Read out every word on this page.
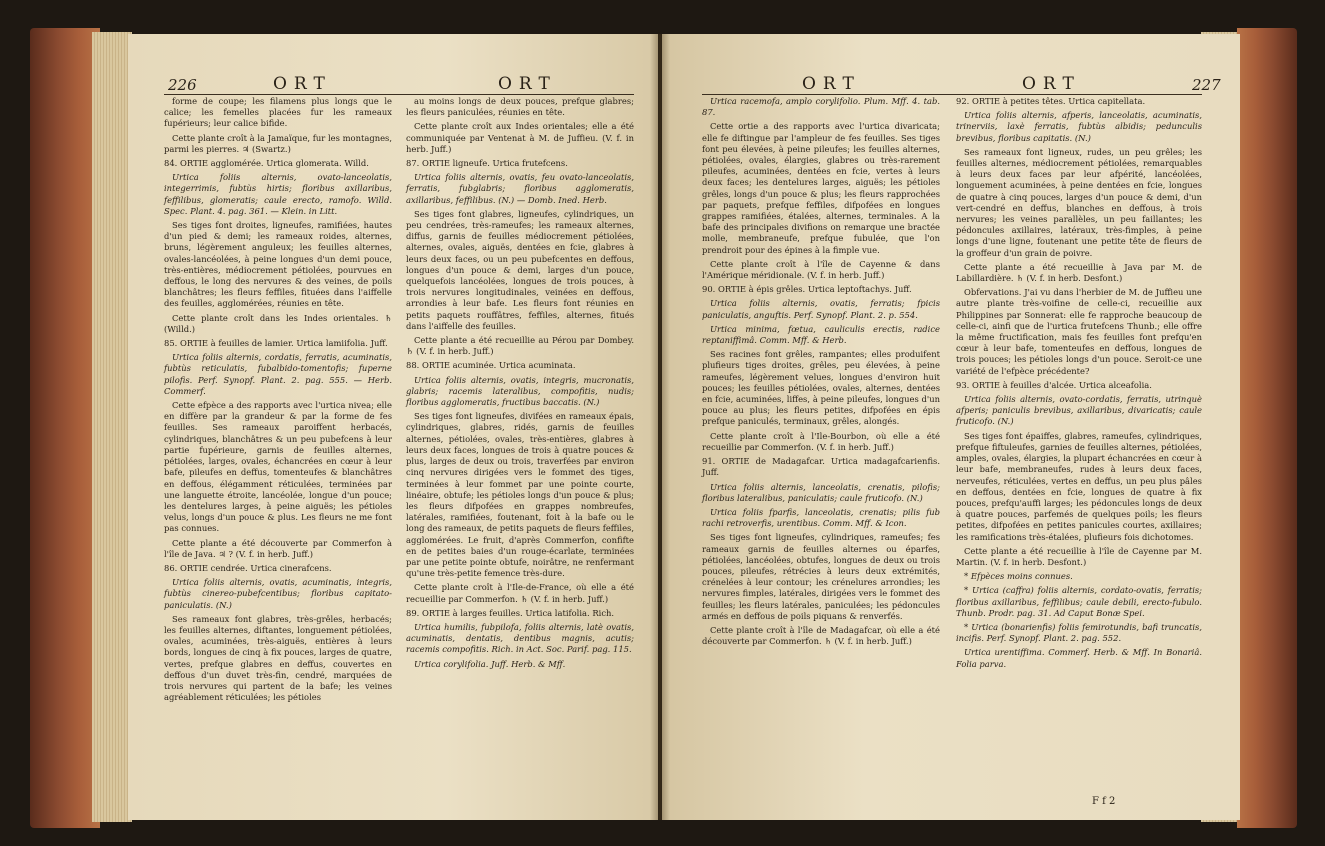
226	ORT	ORT

forme de coupe; les filamens plus longs que le calice; les femelles placées fur les rameaux fupérieurs; leur calice bifide.

Cette plante croît à la Jamaïque, fur les montagnes, parmi les pierres. ♃ (Swartz.)

84. ORTIE agglomérée. Urtica glomerata. Willd.

Urtica foliis alternis, ovato-lanceolatis, integerrimis, fubtùs hirtis; floribus axillaribus, feffilibus, glomeratis; caule erecto, ramofo. Willd. Spec. Plant. 4. pag. 361. — Klein. in Litt.

Ses tiges font droites, ligneufes, ramifiées, hautes d'un pied & demi; les rameaux roides, alternes, bruns, légèrement anguleux; les feuilles alternes, ovales-lancéolées, à peine longues d'un demi pouce, très-entières, médiocrement pétiolées, pourvues en deffous, le long des nervures & des veines, de poils blanchâtres; les fleurs feffiles, fituées dans l'aiffelle des feuilles, agglomérées, réunies en tête.

Cette plante croît dans les Indes orientales. ♄ (Willd.)

85. ORTIE à feuilles de lamier. Urtica lamiifolia. Juff.

Urtica foliis alternis, cordatis, ferratis, acuminatis, fubtùs reticulatis, fubalbido-tomentofis; fuperne pilofis. Perf. Synopf. Plant. 2. pag. 555. — Herb. Commerf.

Cette efpèce a des rapports avec l'urtica nivea; elle en diffère par la grandeur & par la forme de fes feuilles. Ses rameaux paroiffent herbacés, cylindriques, blanchâtres & un peu pubefcens à leur partie fupérieure, garnis de feuilles alternes, pétiolées, larges, ovales, échancrées en cœur à leur bafe, pileufes en deffus, tomenteufes & blanchâtres en deffous, élégamment réticulées, terminées par une languette étroite, lancéolée, longue d'un pouce; les dentelures larges, à peine aiguës; les pétioles velus, longs d'un pouce & plus. Les fleurs ne me font pas connues.

Cette plante a été découverte par Commerfon à l'île de Java. ♃ ? (V. f. in herb. Juff.)

86. ORTIE cendrée. Urtica cinerafcens.

Urtica foliis alternis, ovatis, acuminatis, integris, fubtùs cinereo-pubefcentibus; floribus capitato-paniculatis. (N.)

Ses rameaux font glabres, très-grêles, herbacés; les feuilles alternes, diftantes, longuement pétiolées, ovales, acuminées, très-aiguës, entières à leurs bords, longues de cinq à fix pouces, larges de quatre, vertes, prefque glabres en deffus, couvertes en deffous d'un duvet très-fin, cendré, marquées de trois nervures qui partent de la bafe; les veines agréablement réticulées; les pétioles

au moins longs de deux pouces, prefque glabres; les fleurs paniculées, réunies en tête.

Cette plante croît aux Indes orientales; elle a été communiquée par Ventenat à M. de Juffieu. (V. f. in herb. Juff.)

87. ORTIE ligneufe. Urtica frutefcens.

Urtica foliis alternis, ovatis, feu ovato-lanceolatis, ferratis, fubglabris; floribus agglomeratis, axillaribus, feffilibus. (N.) — Domb. Ined. Herb.

Ses tiges font glabres, ligneufes, cylindriques, un peu cendrées, très-rameufes; les rameaux alternes, diffus, garnis de feuilles médiocrement pétiolées, alternes, ovales, aiguës, dentées en fcie, glabres à leurs deux faces, ou un peu pubefcentes en deffous, longues d'un pouce & demi, larges d'un pouce, quelquefois lancéolées, longues de trois pouces, à trois nervures longitudinales, veinées en deffous, arrondies à leur bafe. Les fleurs font réunies en petits paquets rouffâtres, feffiles, alternes, fitués dans l'aiffelle des feuilles.

Cette plante a été recueillie au Pérou par Dombey. ♄ (V. f. in herb. Juff.)

88. ORTIE acuminée. Urtica acuminata.

Urtica foliis alternis, ovatis, integris, mucronatis, glabris; racemis lateralibus, compofitis, nudis; floribus agglomeratis, fructibus baccatis. (N.)

Ses tiges font ligneufes, divifées en rameaux épais, cylindriques, glabres, ridés, garnis de feuilles alternes, pétiolées, ovales, très-entières, glabres à leurs deux faces, longues de trois à quatre pouces & plus, larges de deux ou trois, traverfées par environ cinq nervures dirigées vers le fommet des tiges, terminées à leur fommet par une pointe courte, linéaire, obtufe; les pétioles longs d'un pouce & plus; les fleurs difpofées en grappes nombreufes, latérales, ramifiées, foutenant, foit à la bafe ou le long des rameaux, de petits paquets de fleurs feffiles, agglomérées. Le fruit, d'après Commerfon, confifte en de petites baies d'un rouge-écarlate, terminées par une petite pointe obtufe, noirâtre, ne renfermant qu'une très-petite femence très-dure.

Cette plante croît à l'Ile-de-France, où elle a été recueillie par Commerfon. ♄ (V. f. in herb. Juff.)

89. ORTIE à larges feuilles. Urtica latifolia. Rich.

Urtica humilis, fubpilofa, foliis alternis, latè ovatis, acuminatis, dentatis, dentibus magnis, acutis; racemis compofitis. Rich. in Act. Soc. Parif. pag. 115.

Urtica corylifolia. Juff. Herb. & Mff.

ORT	ORT	227

Urtica racemofa, amplo corylifolio. Plum. Mff. 4. tab. 87.

Cette ortie a des rapports avec l'urtica divaricata; elle fe diftingue par l'ampleur de fes feuilles. Ses tiges font peu élevées, à peine pileufes; les feuilles alternes, pétiolées, ovales, élargies, glabres ou très-rarement pileufes, acuminées, dentées en fcie, vertes à leurs deux faces; les dentelures larges, aiguës; les pétioles grêles, longs d'un pouce & plus; les fleurs rapprochées par paquets, prefque feffiles, difpofées en longues grappes ramifiées, étalées, alternes, terminales. A la bafe des principales divifions on remarque une bractée molle, membraneufe, prefque fubulée, que l'on prendroit pour des épines à la fimple vue.

Cette plante croît à l'île de Cayenne & dans l'Amérique méridionale. (V. f. in herb. Juff.)

90. ORTIE à épis grêles. Urtica leptoftachys. Juff.

Urtica foliis alternis, ovatis, ferratis; fpicis paniculatis, anguftis. Perf. Synopf. Plant. 2. p. 554.

Urtica minima, fœtua, cauliculis erectis, radice reptaniffimâ. Comm. Mff. & Herb.

Ses racines font grêles, rampantes; elles produifent plufieurs tiges droites, grêles, peu élevées, à peine rameufes, légèrement velues, longues d'environ huit pouces; les feuilles pétiolées, ovales, alternes, dentées en fcie, acuminées, liffes, à peine pileufes, longues d'un pouce au plus; les fleurs petites, difpofées en épis prefque paniculés, terminaux, grêles, alongés.

Cette plante croît à l'Ile-Bourbon, où elle a été recueillie par Commerfon. (V. f. in herb. Juff.)

91. ORTIE de Madagafcar. Urtica madagafcarienfis. Juff.

Urtica foliis alternis, lanceolatis, crenatis, pilofis; floribus lateralibus, paniculatis; caule fruticofo. (N.)

Urtica foliis fparfis, lanceolatis, crenatis; pilis fub rachi retroverfis, urentibus. Comm. Mff. & Icon.

Ses tiges font ligneufes, cylindriques, rameufes; fes rameaux garnis de feuilles alternes ou éparfes, pétiolées, lancéolées, obtufes, longues de deux ou trois pouces, pileufes, rétrécies à leurs deux extrémités, crénelées à leur contour; les crénelures arrondies; les nervures fimples, latérales, dirigées vers le fommet des feuilles; les fleurs latérales, paniculées; les pédoncules armés en deffous de poils piquans & renverfés.

Cette plante croît à l'île de Madagafcar, où elle a été découverte par Commerfon. ♄ (V. f. in herb. Juff.)

92. ORTIE à petites têtes. Urtica capitellata.

Urtica foliis alternis, afperis, lanceolatis, acuminatis, trinerviis, laxè ferratis, fubtùs albidis; pedunculis brevibus, floribus capitatis. (N.)

Ses rameaux font ligneux, rudes, un peu grêles; les feuilles alternes, médiocrement pétiolées, remarquables à leurs deux faces par leur afpérité, lancéolées, longuement acuminées, à peine dentées en fcie, longues de quatre à cinq pouces, larges d'un pouce & demi, d'un vert-cendré en deffus, blanches en deffous, à trois nervures; les veines parallèles, un peu faillantes; les pédoncules axillaires, latéraux, très-fimples, à peine longs d'une ligne, foutenant une petite tête de fleurs de la groffeur d'un grain de poivre.

Cette plante a été recueillie à Java par M. de Labillardière. ♄ (V. f. in herb. Desfont.)

Obfervations. J'ai vu dans l'herbier de M. de Juffieu une autre plante très-voifine de celle-ci, recueillie aux Philippines par Sonnerat: elle fe rapproche beaucoup de celle-ci, ainfi que de l'urtica frutefcens Thunb.; elle offre la même fructification, mais fes feuilles font prefqu'en cœur à leur bafe, tomenteufes en deffous, longues de trois pouces; les pétioles longs d'un pouce. Seroit-ce une variété de l'efpèce précédente?

93. ORTIE à feuilles d'alcée. Urtica alceafolia.

Urtica foliis alternis, ovato-cordatis, ferratis, utrinquè afperis; paniculis brevibus, axillaribus, divaricatis; caule fruticofo. (N.)

Ses tiges font épaiffes, glabres, rameufes, cylindriques, prefque fiftuleufes, garnies de feuilles alternes, pétiolées, amples, ovales, élargies, la plupart échancrées en cœur à leur bafe, membraneufes, rudes à leurs deux faces, nerveufes, réticulées, vertes en deffus, un peu plus pâles en deffous, dentées en fcie, longues de quatre à fix pouces, prefqu'auffi larges; les pédoncules longs de deux à quatre pouces, parfemés de quelques poils; les fleurs petites, difpofées en petites panicules courtes, axillaires; les ramifications très-étalées, plufieurs fois dichotomes.

Cette plante a été recueillie à l'île de Cayenne par M. Martin. (V. f. in herb. Desfont.)

* Efpèces moins connues.

* Urtica (caffra) foliis alternis, cordato-ovatis, ferratis; floribus axillaribus, feffilibus; caule debili, erecto-fubulo. Thunb. Prodr. pag. 31. Ad Caput Bonæ Spei.

* Urtica (bonarienfis) foliis femirotundis, bafi truncatis, incifis. Perf. Synopf. Plant. 2. pag. 552.

Urtica urentiffima. Commerf. Herb. & Mff. In Bonariâ. Folia parva.

F f 2
